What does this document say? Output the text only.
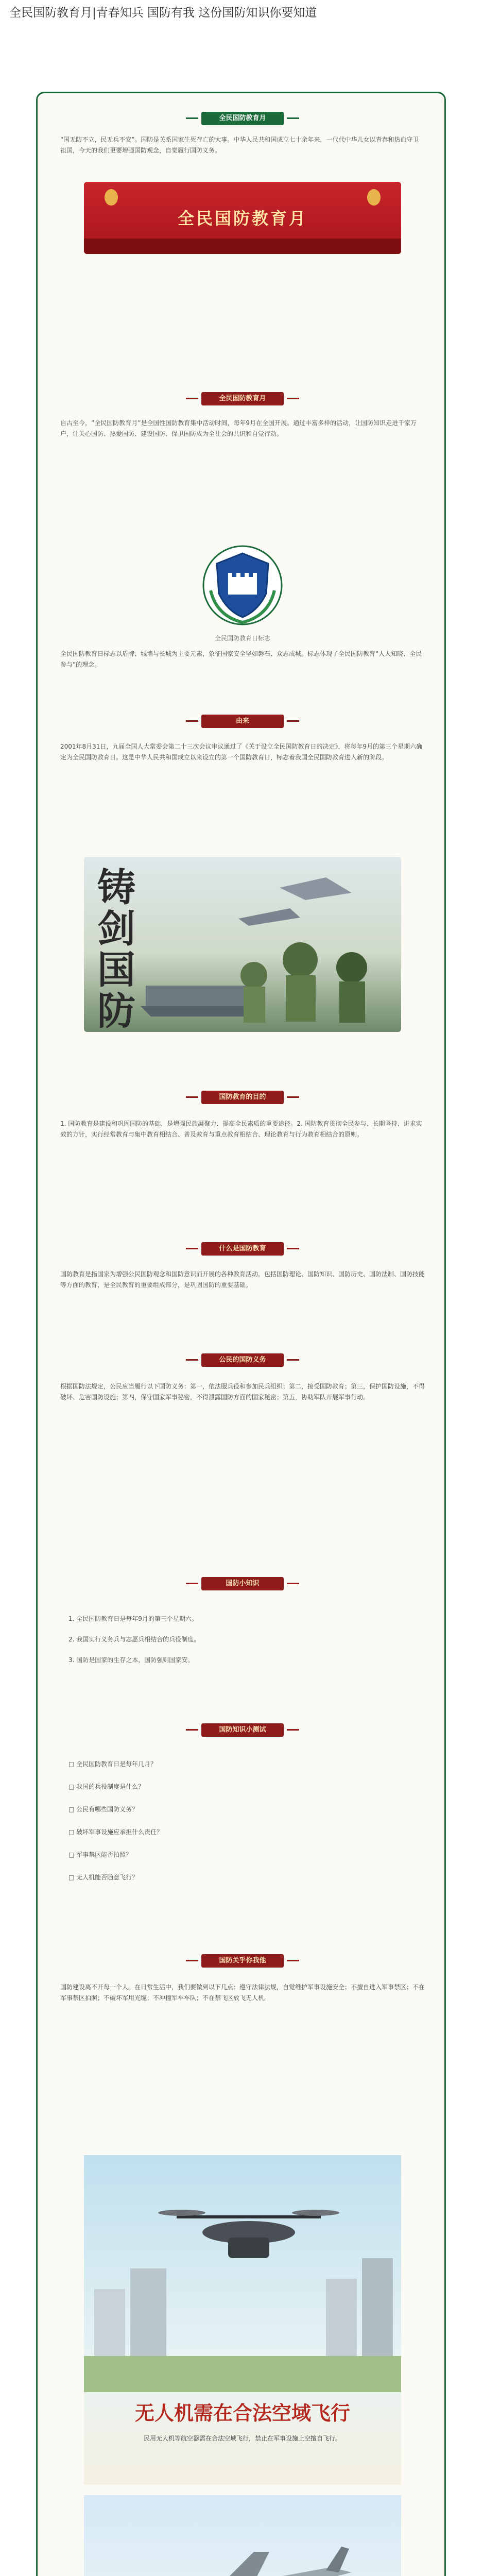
全民国防教育月|青春知兵 国防有我 这份国防知识你要知道
全民国防教育月

“国无防不立，民无兵不安”。国防是关系国家生死存亡的大事。中华人民共和国成立七十余年来，一代代中华儿女以青春和热血守卫祖国，今天的我们更要增强国防观念，自觉履行国防义务。

全民国防教育月
全民国防教育月

自古至今，“全民国防教育月”是全国性国防教育集中活动时间，每年9月在全国开展。通过丰富多样的活动，让国防知识走进千家万户，让关心国防、热爱国防、建设国防、保卫国防成为全社会的共识和自觉行动。

全民国防教育日标志

全民国防教育日标志以盾牌、城墙与长城为主要元素，象征国家安全坚如磐石、众志成城。标志体现了全民国防教育“人人知晓、全民参与”的理念。

由来

2001年8月31日，九届全国人大常委会第二十三次会议审议通过了《关于设立全民国防教育日的决定》，将每年9月的第三个星期六确定为全民国防教育日。这是中华人民共和国成立以来设立的第一个国防教育日，标志着我国全民国防教育进入新的阶段。

铸剑国防
国防教育的目的

1. 国防教育是建设和巩固国防的基础，是增强民族凝聚力、提高全民素质的重要途径。2. 国防教育贯彻全民参与、长期坚持、讲求实效的方针，实行经常教育与集中教育相结合、普及教育与重点教育相结合、理论教育与行为教育相结合的原则。

什么是国防教育

国防教育是指国家为增强公民国防观念和国防意识而开展的各种教育活动，包括国防理论、国防知识、国防历史、国防法制、国防技能等方面的教育，是全民教育的重要组成部分，是巩固国防的重要基础。

公民的国防义务

根据国防法规定，公民应当履行以下国防义务：第一，依法服兵役和参加民兵组织；第二，接受国防教育；第三，保护国防设施，不得破坏、危害国防设施；第四，保守国家军事秘密，不得泄露国防方面的国家秘密；第五，协助军队开展军事行动。

国防小知识
1. 全民国防教育日是每年9月的第三个星期六。
2. 我国实行义务兵与志愿兵相结合的兵役制度。
3. 国防是国家的生存之本，国防强则国家安。
国防知识小测试
□ 全民国防教育日是每年几月？
□ 我国的兵役制度是什么？
□ 公民有哪些国防义务？
□ 破坏军事设施应承担什么责任？
□ 军事禁区能否拍照？
□ 无人机能否随意飞行？
国防关乎你我他

国防建设离不开每一个人。在日常生活中，我们要做到以下几点：遵守法律法规，自觉维护军事设施安全；不擅自进入军事禁区；不在军事禁区拍照；不破坏军用光缆；不冲撞军车车队；不在禁飞区放飞无人机。

无人机需在合法空域飞行
民用无人机等航空器需在合法空域飞行，禁止在军事设施上空擅自飞行。
